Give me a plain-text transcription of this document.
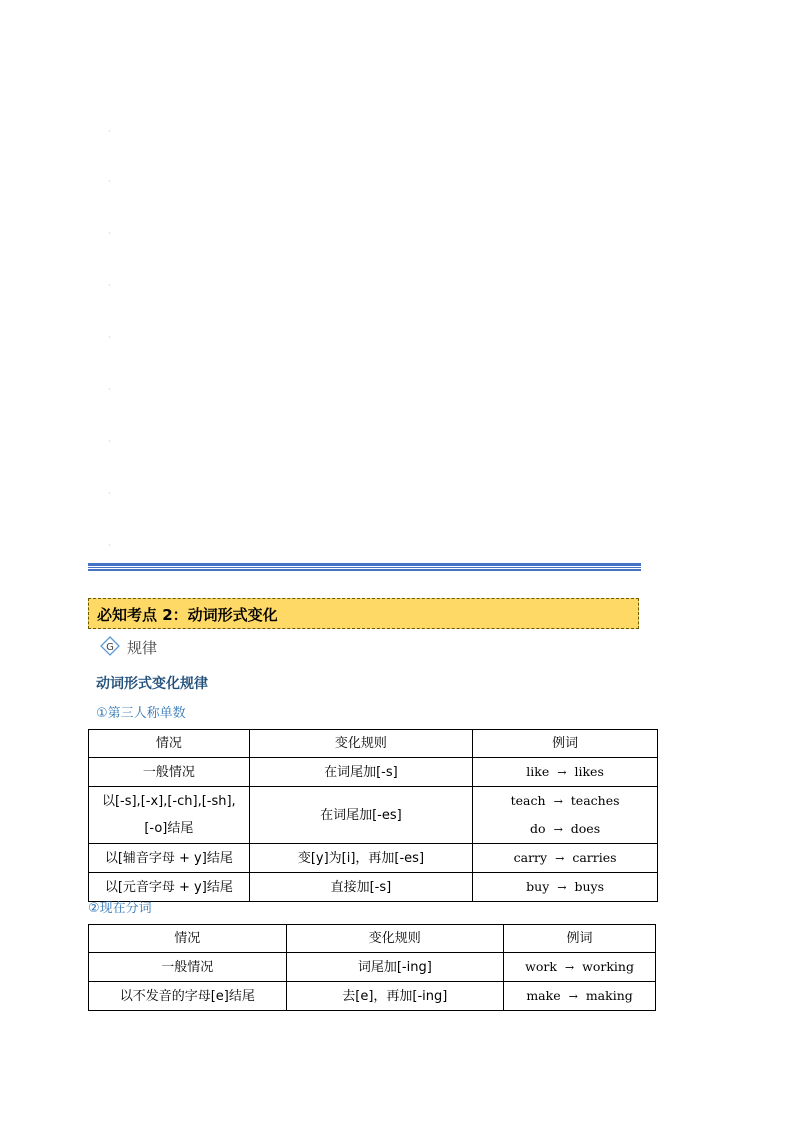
·
·
·
·
·
·
·
·
·
必知考点 2：动词形式变化
G 规律
动词形式变化规律
①第三人称单数
情况	变化规则	例词
一般情况	在词尾加[-s]	like → likes

以[-s],[-x],[-ch],[-sh],
[-o]结尾	在词尾加[-es]	teach → teaches
do → does

以[辅音字母 + y]结尾	变[y]为[i]，再加[-es]	carry → carries
以[元音字母 + y]结尾	直接加[-s]	buy → buys
②现在分词
情况	变化规则	例词
一般情况	词尾加[-ing]	work → working
以不发音的字母[e]结尾	去[e]，再加[-ing]	make → making
